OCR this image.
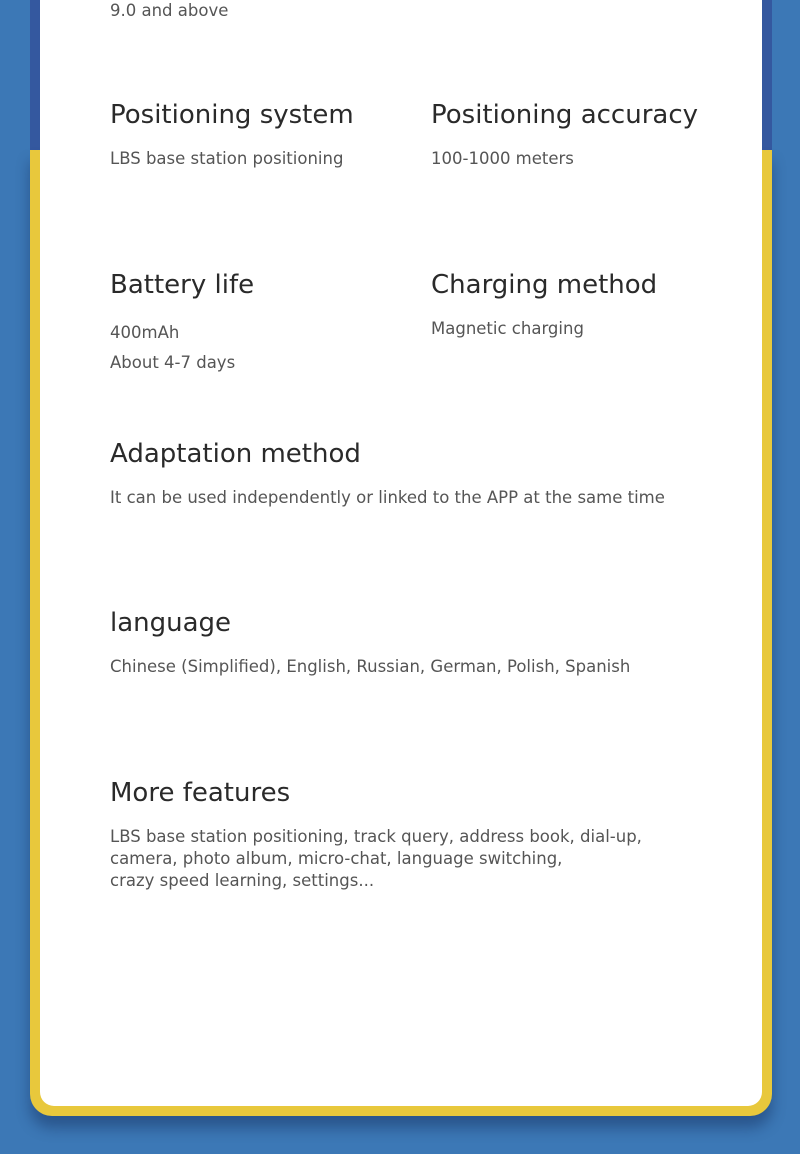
9.0 and above

Positioning system

LBS base station positioning

Positioning accuracy

100-1000 meters

Battery life
400mAh
About 4-7 days
Charging method

Magnetic charging

Adaptation method

It can be used independently or linked to the APP at the same time

language

Chinese (Simplified), English, Russian, German, Polish, Spanish

More features
LBS base station positioning, track query, address book, dial-up,
camera, photo album, micro-chat, language switching,
crazy speed learning, settings...
